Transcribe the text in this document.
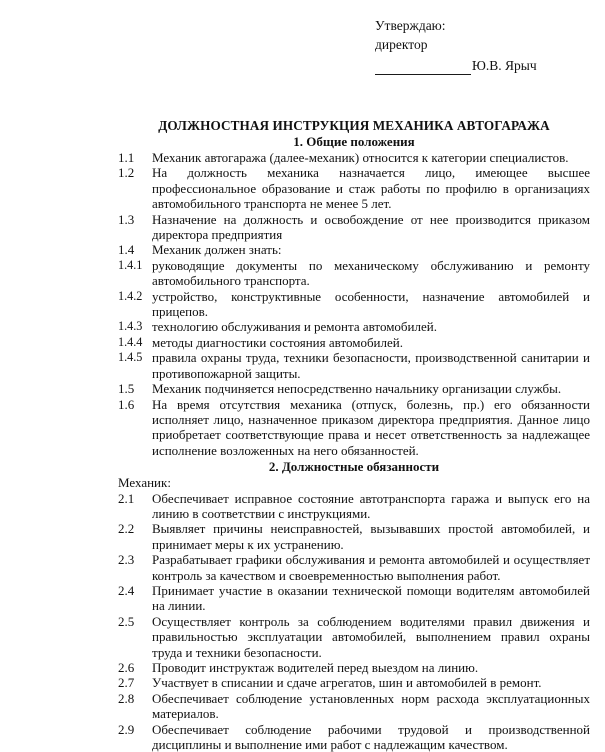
Утверждаю:
директор
Ю.В. Ярыч
ДОЛЖНОСТНАЯ ИНСТРУКЦИЯ МЕХАНИКА АВТОГАРАЖА
1. Общие положения
1.1	Механик автогаража (далее-механик) относится к категории специалистов.
1.2	На должность механика назначается лицо, имеющее высшее профессиональное образование и стаж работы по профилю в организациях автомобильного транспорта не менее 5 лет.
1.3	Назначение на должность и освобождение от нее производится приказом директора предприятия
1.4	Механик должен знать:
1.4.1 руководящие документы по механическому обслуживанию и ремонту автомобильного транспорта.
1.4.2 устройство, конструктивные особенности, назначение автомобилей и прицепов.
1.4.3 технологию обслуживания и ремонта автомобилей.
1.4.4 методы диагностики состояния автомобилей.
1.4.5 правила охраны труда, техники безопасности, производственной санитарии и противопожарной защиты.
1.5	Механик подчиняется непосредственно начальнику организации службы.
1.6	На время отсутствия механика (отпуск, болезнь, пр.) его обязанности исполняет лицо, назначенное приказом директора предприятия. Данное лицо приобретает соответствующие права и несет ответственность за надлежащее исполнение возложенных на него обязанностей.
2. Должностные обязанности
Механик:
2.1	Обеспечивает исправное состояние автотранспорта гаража и выпуск его на линию в соответствии с инструкциями.
2.2	Выявляет причины неисправностей, вызывавших простой автомобилей, и принимает меры к их устранению.
2.3	Разрабатывает графики обслуживания и ремонта автомобилей и осуществляет контроль за качеством и своевременностью выполнения работ.
2.4	Принимает участие в оказании технической помощи водителям автомобилей на линии.
2.5	Осуществляет контроль за соблюдением водителями правил движения и правильностью эксплуатации автомобилей, выполнением правил охраны труда и техники безопасности.
2.6	Проводит инструктаж водителей перед выездом на линию.
2.7	Участвует в списании и сдаче агрегатов, шин и автомобилей в ремонт.
2.8	Обеспечивает соблюдение установленных норм расхода эксплуатационных материалов.
2.9	Обеспечивает соблюдение рабочими трудовой и производственной дисциплины и выполнение ими работ с надлежащим качеством.
